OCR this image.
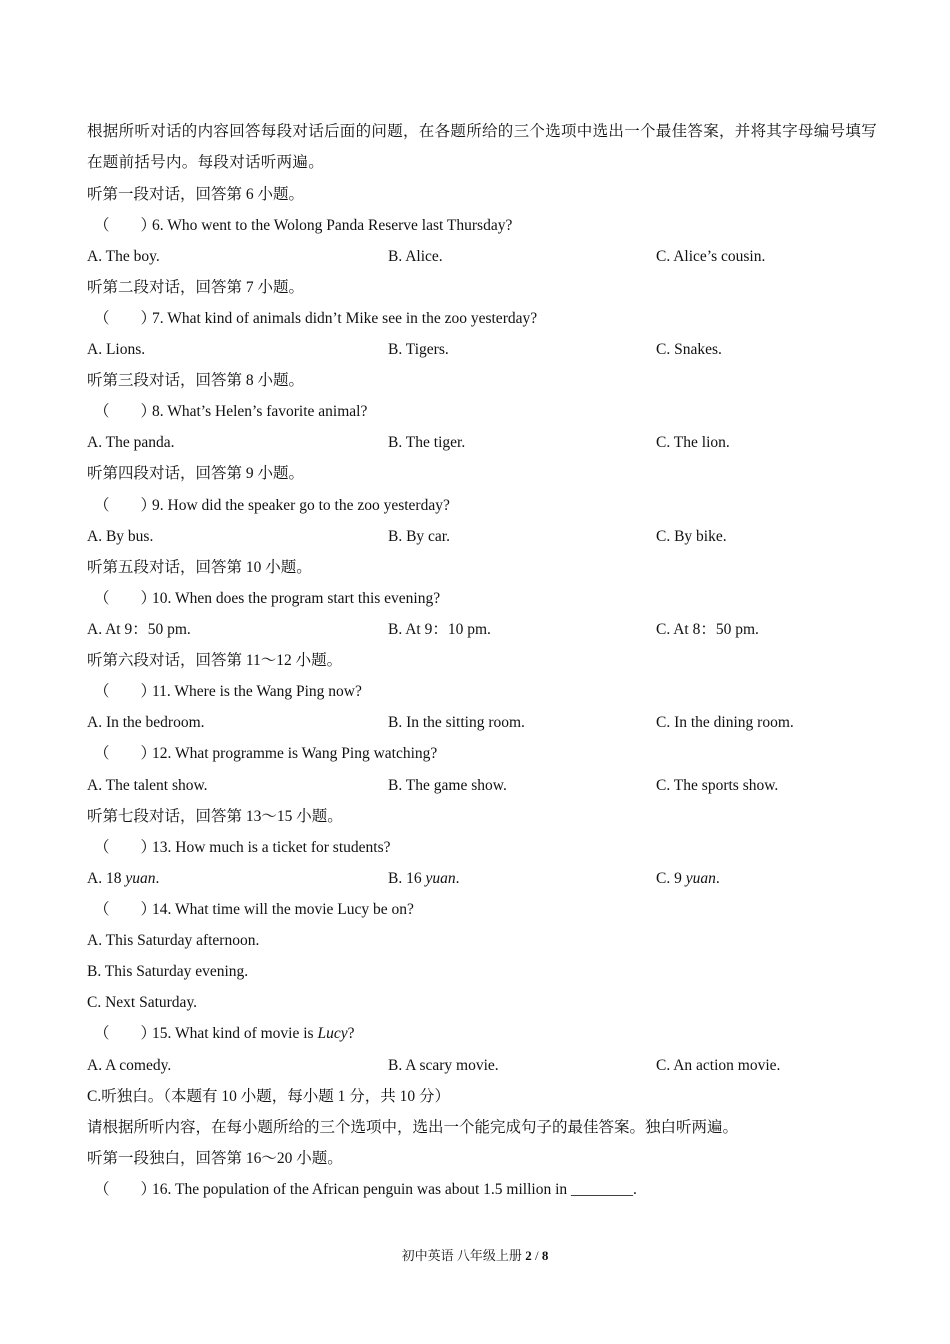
根据所听对话的内容回答每段对话后面的问题，在各题所给的三个选项中选出一个最佳答案，并将其字母编号填写在题前括号内。每段对话听两遍。
听第一段对话，回答第 6 小题。
（　　）6. Who went to the Wolong Panda Reserve last Thursday?
A. The boy.	B. Alice.	C. Alice’s cousin.
听第二段对话，回答第 7 小题。
（　　）7. What kind of animals didn’t Mike see in the zoo yesterday?
A. Lions.	B. Tigers.	C. Snakes.
听第三段对话，回答第 8 小题。
（　　）8. What’s Helen’s favorite animal?
A. The panda.	B. The tiger.	C. The lion.
听第四段对话，回答第 9 小题。
（　　）9. How did the speaker go to the zoo yesterday?
A. By bus.	B. By car.	C. By bike.
听第五段对话，回答第 10 小题。
（　　）10. When does the program start this evening?
A. At 9：50 pm.	B. At 9：10 pm.	C. At 8：50 pm.
听第六段对话，回答第 11～12 小题。
（　　）11. Where is the Wang Ping now?
A. In the bedroom.	B. In the sitting room.	C. In the dining room.
（　　）12. What programme is Wang Ping watching?
A. The talent show.	B. The game show.	C. The sports show.
听第七段对话，回答第 13～15 小题。
（　　）13. How much is a ticket for students?
A. 18 yuan.	B. 16 yuan.	C. 9 yuan.
（　　）14. What time will the movie Lucy be on?
A. This Saturday afternoon.
B. This Saturday evening.
C. Next Saturday.
（　　）15. What kind of movie is Lucy?
A. A comedy.	B. A scary movie.	C. An action movie.
C.听独白。（本题有 10 小题，每小题 1 分，共 10 分）
请根据所听内容，在每小题所给的三个选项中，选出一个能完成句子的最佳答案。独白听两遍。
听第一段独白，回答第 16～20 小题。
（　　）16. The population of the African penguin was about 1.5 million in ________.
初中英语 八年级上册 2 / 8
